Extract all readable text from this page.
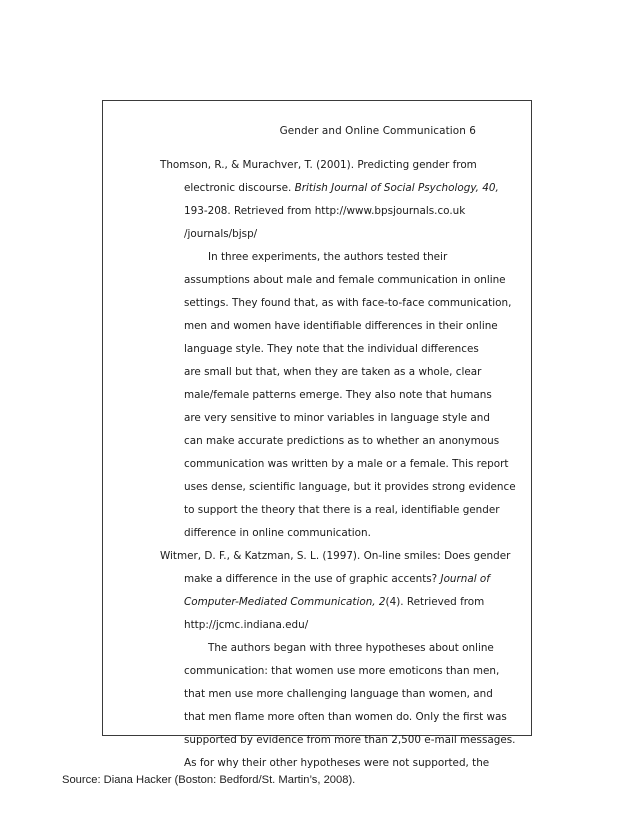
Gender and Online Communication 6
Thomson, R., & Murachver, T. (2001). Predicting gender from
electronic discourse. British Journal of Social Psychology, 40,
193-208. Retrieved from http://www.bpsjournals.co.uk
/journals/bjsp/
In three experiments, the authors tested their
assumptions about male and female communication in online
settings. They found that, as with face-to-face communication,
men and women have identifiable differences in their online
language style. They note that the individual differences
are small but that, when they are taken as a whole, clear
male/female patterns emerge. They also note that humans
are very sensitive to minor variables in language style and
can make accurate predictions as to whether an anonymous
communication was written by a male or a female. This report
uses dense, scientific language, but it provides strong evidence
to support the theory that there is a real, identifiable gender
difference in online communication.
Witmer, D. F., & Katzman, S. L. (1997). On-line smiles: Does gender
make a difference in the use of graphic accents? Journal of
Computer-Mediated Communication, 2(4). Retrieved from
http://jcmc.indiana.edu/
The authors began with three hypotheses about online
communication: that women use more emoticons than men,
that men use more challenging language than women, and
that men flame more often than women do. Only the first was
supported by evidence from more than 2,500 e-mail messages.
As for why their other hypotheses were not supported, the
Source: Diana Hacker (Boston: Bedford/St. Martin’s, 2008).
